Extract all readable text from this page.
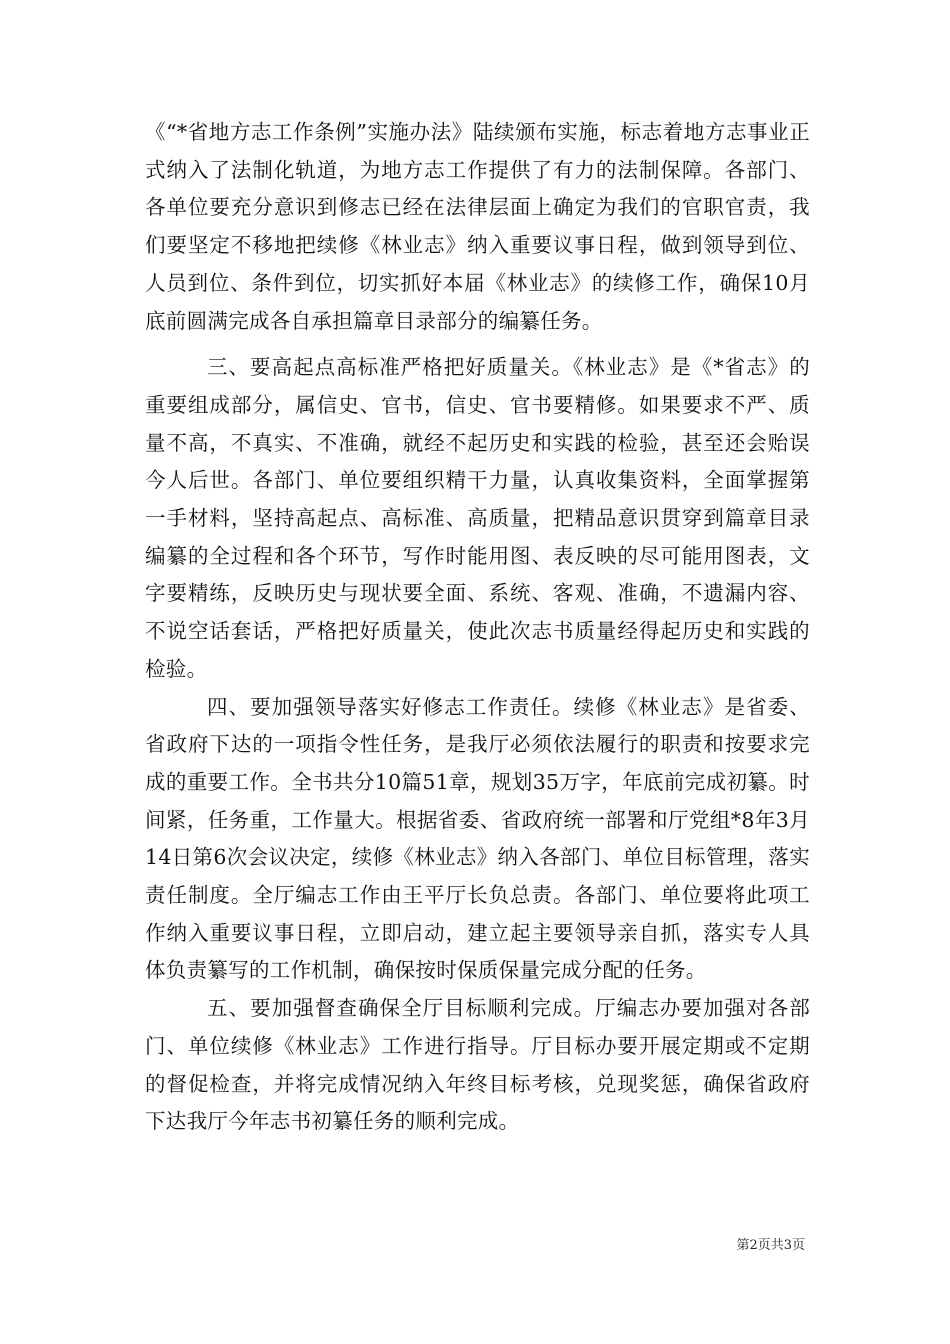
《“*省地方志工作条例”实施办法》陆续颁布实施，标志着地方志事业正式纳入了法制化轨道，为地方志工作提供了有力的法制保障。各部门、各单位要充分意识到修志已经在法律层面上确定为我们的官职官责，我们要坚定不移地把续修《林业志》纳入重要议事日程，做到领导到位、人员到位、条件到位，切实抓好本届《林业志》的续修工作，确保10月底前圆满完成各自承担篇章目录部分的编纂任务。

三、要高起点高标准严格把好质量关。《林业志》是《*省志》的重要组成部分，属信史、官书，信史、官书要精修。如果要求不严、质量不高，不真实、不准确，就经不起历史和实践的检验，甚至还会贻误今人后世。各部门、单位要组织精干力量，认真收集资料，全面掌握第一手材料，坚持高起点、高标准、高质量，把精品意识贯穿到篇章目录编纂的全过程和各个环节，写作时能用图、表反映的尽可能用图表，文字要精练，反映历史与现状要全面、系统、客观、准确，不遗漏内容、不说空话套话，严格把好质量关，使此次志书质量经得起历史和实践的检验。

四、要加强领导落实好修志工作责任。续修《林业志》是省委、省政府下达的一项指令性任务，是我厅必须依法履行的职责和按要求完成的重要工作。全书共分10篇51章，规划35万字，年底前完成初纂。时间紧，任务重，工作量大。根据省委、省政府统一部署和厅党组*8年3月14日第6次会议决定，续修《林业志》纳入各部门、单位目标管理，落实责任制度。全厅编志工作由王平厅长负总责。各部门、单位要将此项工作纳入重要议事日程，立即启动，建立起主要领导亲自抓，落实专人具体负责纂写的工作机制，确保按时保质保量完成分配的任务。

五、要加强督查确保全厅目标顺利完成。厅编志办要加强对各部门、单位续修《林业志》工作进行指导。厅目标办要开展定期或不定期的督促检查，并将完成情况纳入年终目标考核，兑现奖惩，确保省政府下达我厅今年志书初纂任务的顺利完成。

第2页共3页
